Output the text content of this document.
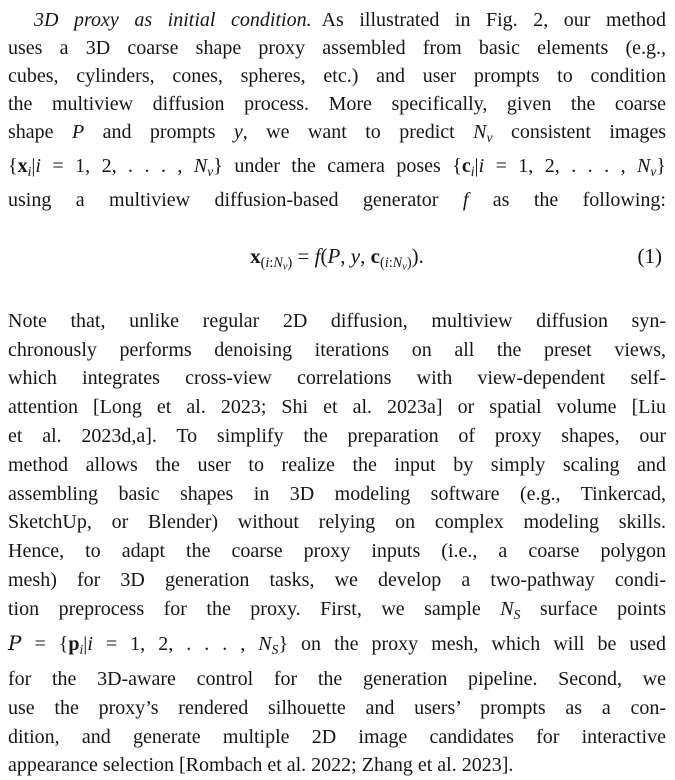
3D proxy as initial condition. As illustrated in Fig. 2, our method
uses a 3D coarse shape proxy assembled from basic elements (e.g.,
cubes, cylinders, cones, spheres, etc.) and user prompts to condition
the multiview diffusion process. More specifically, given the coarse
shape P and prompts y, we want to predict $N_v$ consistent images
{$x_i|i = 1$, 2, . . . , $N_v$} under the camera poses {$c_i|i = 1$, 2, . . . , $N_v$}
using a multiview diffusion-based generator f as the following:
$x_{(i:Nv)} = f(P$, y, $c_{(i:Nv)}$).	(1)
Note that, unlike regular 2D diffusion, multiview diffusion syn-
chronously performs denoising iterations on all the preset views,
which integrates cross-view correlations with view-dependent self-
attention [Long et al. 2023; Shi et al. 2023a] or spatial volume [Liu
et al. 2023d,a]. To simplify the preparation of proxy shapes, our
method allows the user to realize the input by simply scaling and
assembling basic shapes in 3D modeling software (e.g., Tinkercad,
SketchUp, or Blender) without relying on complex modeling skills.
Hence, to adapt the coarse proxy inputs (i.e., a coarse polygon
mesh) for 3D generation tasks, we develop a two-pathway condi-
tion preprocess for the proxy. First, we sample $N_S$ surface points
$P = \{p_i|i = 1$, 2, . . . , $N_S$} on the proxy mesh, which will be used
for the 3D-aware control for the generation pipeline. Second, we
use the proxy’s rendered silhouette and users’ prompts as a con-
dition, and generate multiple 2D image candidates for interactive
appearance selection [Rombach et al. 2022; Zhang et al. 2023].
